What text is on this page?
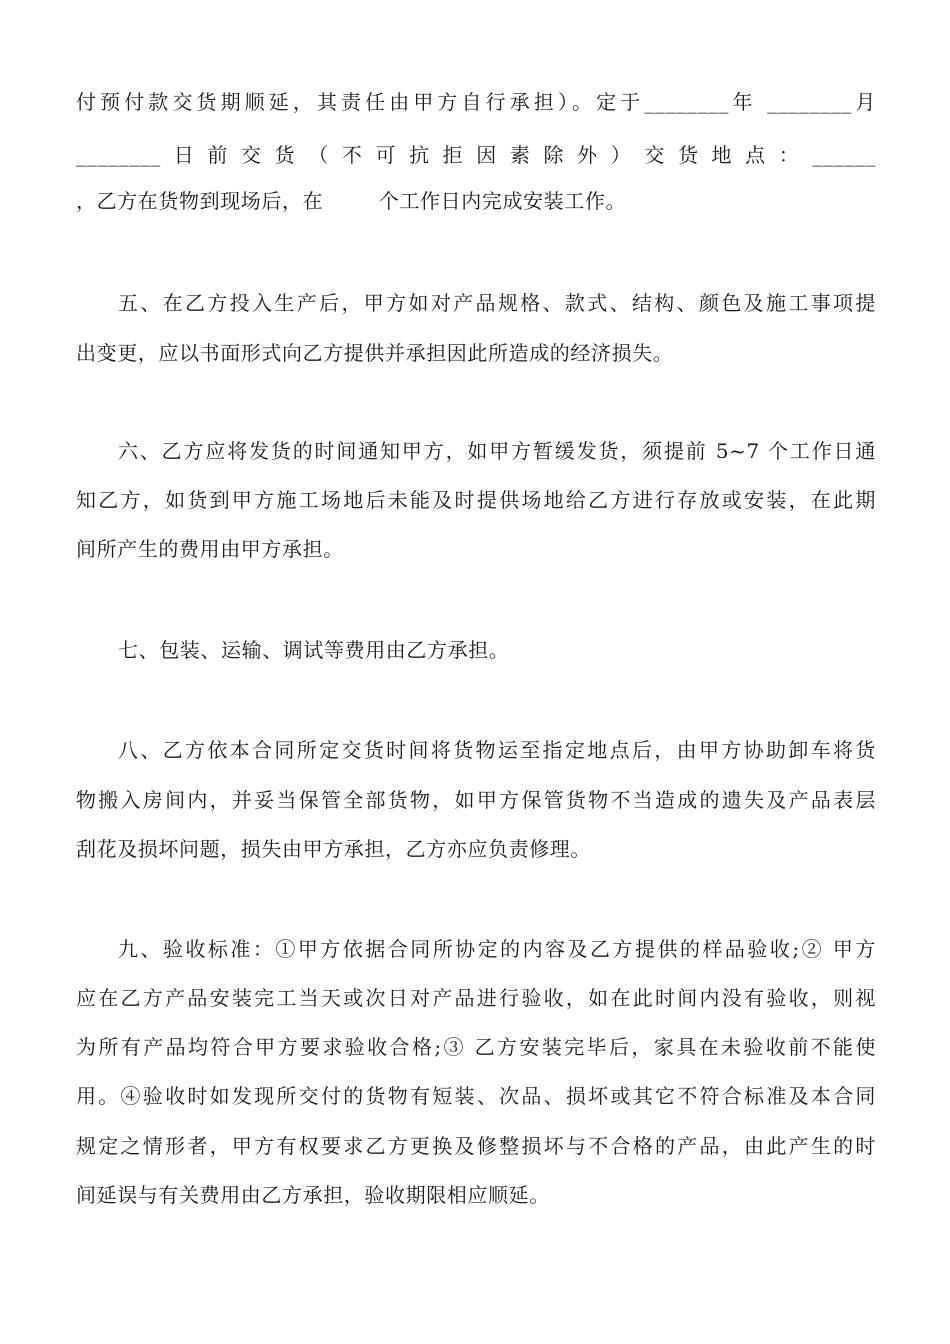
付预付款交货期顺延，其责任由甲方自行承担）。定于________年 ________月
________日前交货（不可抗拒因素除外）交货地点：______
，乙方在货物到现场后，在        个工作日内完成安装工作。
五、在乙方投入生产后，甲方如对产品规格、款式、结构、颜色及施工事项提
出变更，应以书面形式向乙方提供并承担因此所造成的经济损失。
六、乙方应将发货的时间通知甲方，如甲方暂缓发货，须提前 5~7 个工作日通
知乙方，如货到甲方施工场地后未能及时提供场地给乙方进行存放或安装，在此期
间所产生的费用由甲方承担。
七、包装、运输、调试等费用由乙方承担。
八、乙方依本合同所定交货时间将货物运至指定地点后，由甲方协助卸车将货
物搬入房间内，并妥当保管全部货物，如甲方保管货物不当造成的遗失及产品表层
刮花及损坏问题，损失由甲方承担，乙方亦应负责修理。
九、验收标准：①甲方依据合同所协定的内容及乙方提供的样品验收;② 甲方
应在乙方产品安装完工当天或次日对产品进行验收，如在此时间内没有验收，则视
为所有产品均符合甲方要求验收合格;③ 乙方安装完毕后，家具在未验收前不能使
用。④验收时如发现所交付的货物有短装、次品、损坏或其它不符合标准及本合同
规定之情形者，甲方有权要求乙方更换及修整损坏与不合格的产品，由此产生的时
间延误与有关费用由乙方承担，验收期限相应顺延。
